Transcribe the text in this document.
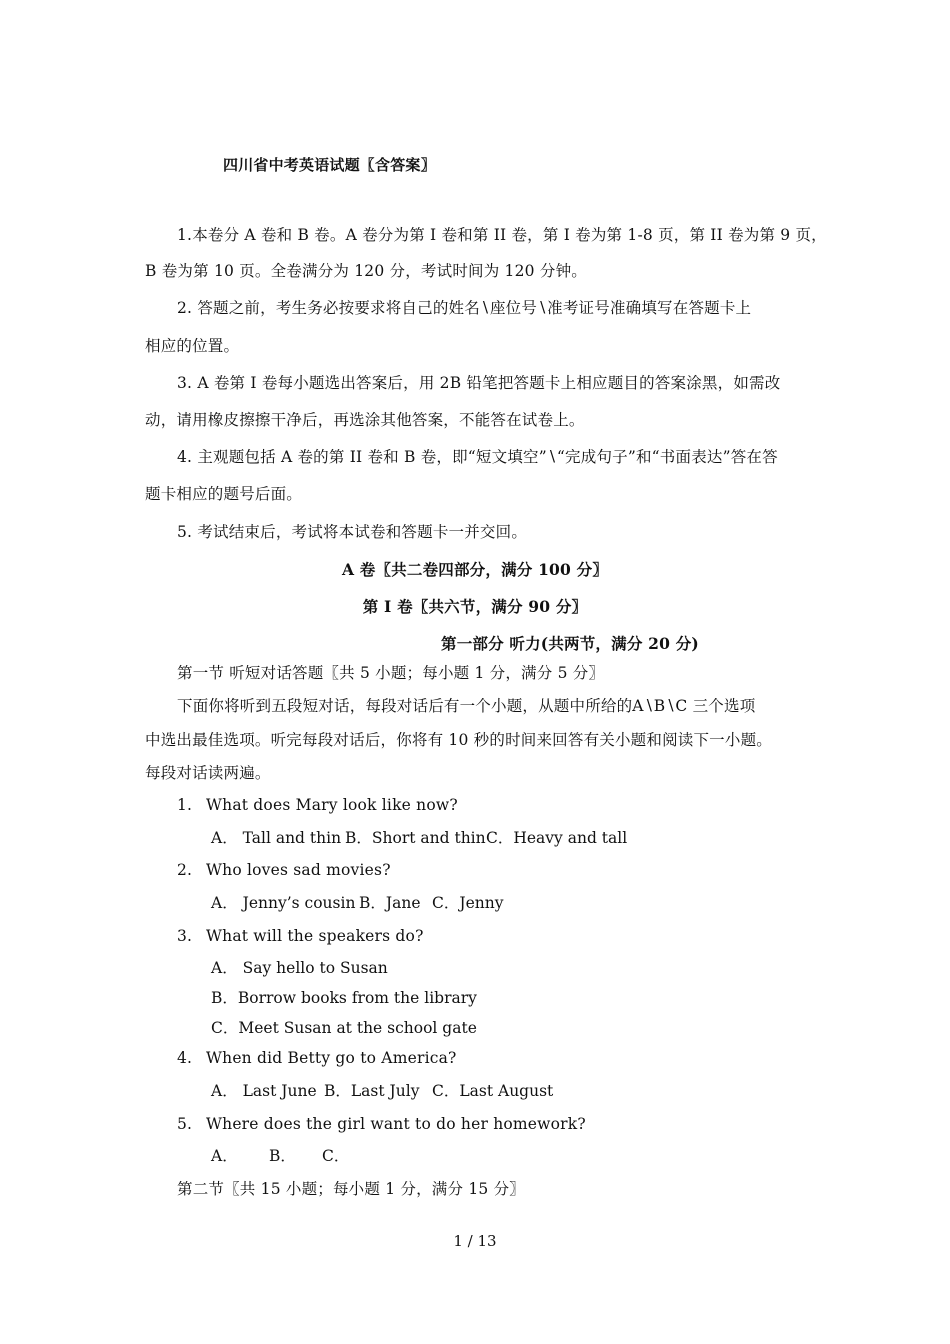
四川省中考英语试题〖含答案〗
1.本卷分 A 卷和 B 卷。A 卷分为第 I 卷和第 II 卷，第 I 卷为第 1-8 页，第 II 卷为第 9 页，
B 卷为第 10 页。全卷满分为 120 分，考试时间为 120 分钟。
2. 答题之前，考生务必按要求将自己的姓名∖座位号∖准考证号准确填写在答题卡上
相应的位置。
3. A 卷第 I 卷每小题选出答案后，用 2B 铅笔把答题卡上相应题目的答案涂黑，如需改
动，请用橡皮擦擦干净后，再选涂其他答案，不能答在试卷上。
4. 主观题包括 A 卷的第 II 卷和 B 卷，即“短文填空”∖“完成句子”和“书面表达”答在答
题卡相应的题号后面。
5. 考试结束后，考试将本试卷和答题卡一并交回。
A 卷〖共二卷四部分，满分 100 分〗
第 I 卷〖共六节，满分 90 分〗
第一部分 听力(共两节，满分 20 分)
第一节 听短对话答题〖共 5 小题；每小题 1 分，满分 5 分〗
下面你将听到五段短对话，每段对话后有一个小题，从题中所给的A∖B∖C 三个选项
中选出最佳选项。听完每段对话后，你将有 10 秒的时间来回答有关小题和阅读下一小题。
每段对话读两遍。
1. What does Mary look like now?
A． Tall and thin B．Short and thin C．Heavy and tall
2. Who loves sad movies?
A． Jenny’s cousin B．Jane C．Jenny
3. What will the speakers do?
A． Say hello to Susan
B．Borrow books from the library
C．Meet Susan at the school gate
4. When did Betty go to America?
A． Last June B．Last July C．Last August
5. Where does the girl want to do her homework?
A． B． C．
第二节〖共 15 小题；每小题 1 分，满分 15 分〗
1 / 13
